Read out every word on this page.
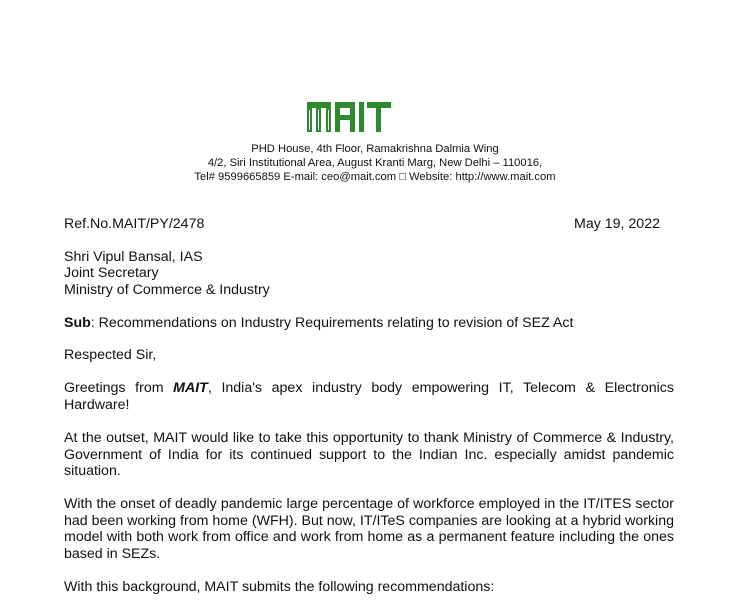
MAIT
PHD House, 4th Floor, Ramakrishna Dalmia Wing
4/2, Siri Institutional Area, August Kranti Marg, New Delhi – 110016,
Tel# 9599665859 E-mail: ceo@mait.com □ Website: http://www.mait.com
Ref.No.MAIT/PY/2478	May 19, 2022
Shri Vipul Bansal, IAS
Joint Secretary
Ministry of Commerce & Industry
Sub: Recommendations on Industry Requirements relating to revision of SEZ Act
Respected Sir,
Greetings from MAIT, India's apex industry body empowering IT, Telecom & Electronics Hardware!
At the outset, MAIT would like to take this opportunity to thank Ministry of Commerce & Industry, Government of India for its continued support to the Indian Inc. especially amidst pandemic situation.
With the onset of deadly pandemic large percentage of workforce employed in the IT/ITES sector had been working from home (WFH). But now, IT/ITeS companies are looking at a hybrid working model with both work from office and work from home as a permanent feature including the ones based in SEZs.
With this background, MAIT submits the following recommendations:
